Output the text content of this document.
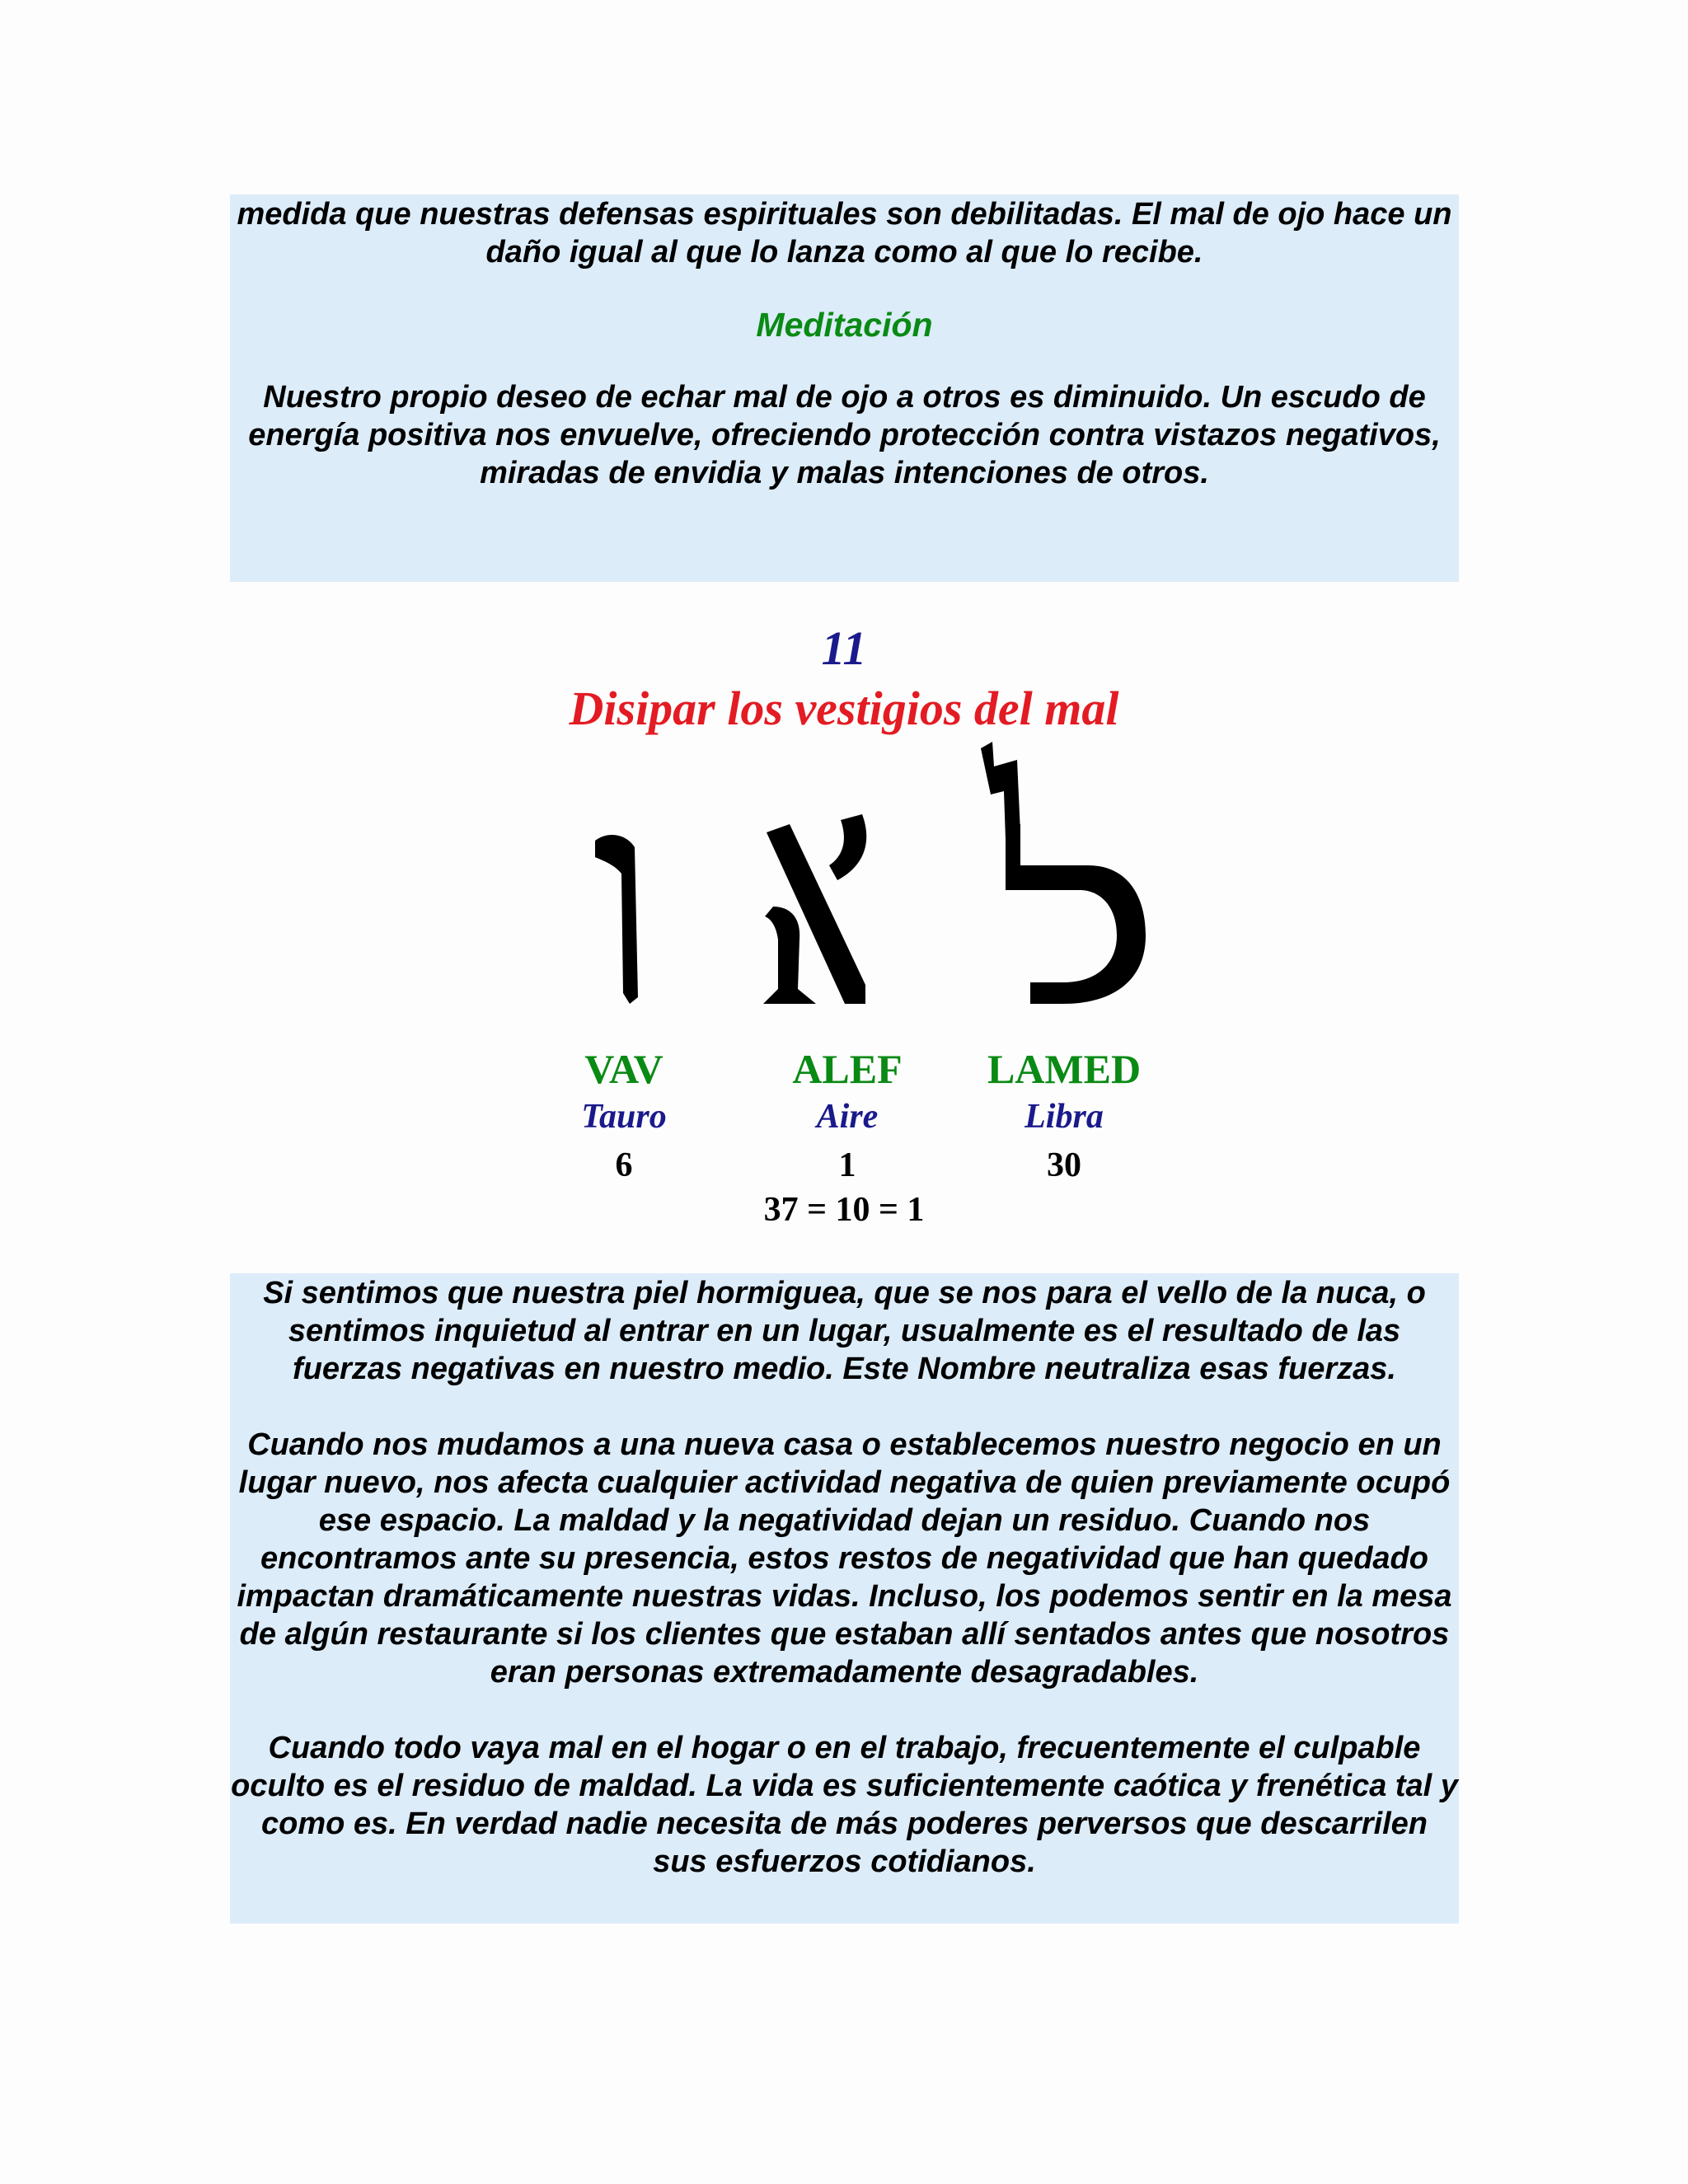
medida que nuestras defensas espirituales son debilitadas. El mal de ojo hace un daño igual al que lo lanza como al que lo recibe.

Meditación

Nuestro propio deseo de echar mal de ojo a otros es diminuido. Un escudo de energía positiva nos envuelve, ofreciendo protección contra vistazos negativos, miradas de envidia y malas intenciones de otros.

11
Disipar los vestigios del mal
VAV
Tauro
6
ALEF
Aire
1
LAMED
Libra
30
37 = 10 = 1

Si sentimos que nuestra piel hormiguea, que se nos para el vello de la nuca, o sentimos inquietud al entrar en un lugar, usualmente es el resultado de las fuerzas negativas en nuestro medio. Este Nombre neutraliza esas fuerzas.

Cuando nos mudamos a una nueva casa o establecemos nuestro negocio en un lugar nuevo, nos afecta cualquier actividad negativa de quien previamente ocupó ese espacio. La maldad y la negatividad dejan un residuo. Cuando nos encontramos ante su presencia, estos restos de negatividad que han quedado impactan dramáticamente nuestras vidas. Incluso, los podemos sentir en la mesa de algún restaurante si los clientes que estaban allí sentados antes que nosotros eran personas extremadamente desagradables.

Cuando todo vaya mal en el hogar o en el trabajo, frecuentemente el culpable oculto es el residuo de maldad. La vida es suficientemente caótica y frenética tal y como es. En verdad nadie necesita de más poderes perversos que descarrilen sus esfuerzos cotidianos.
